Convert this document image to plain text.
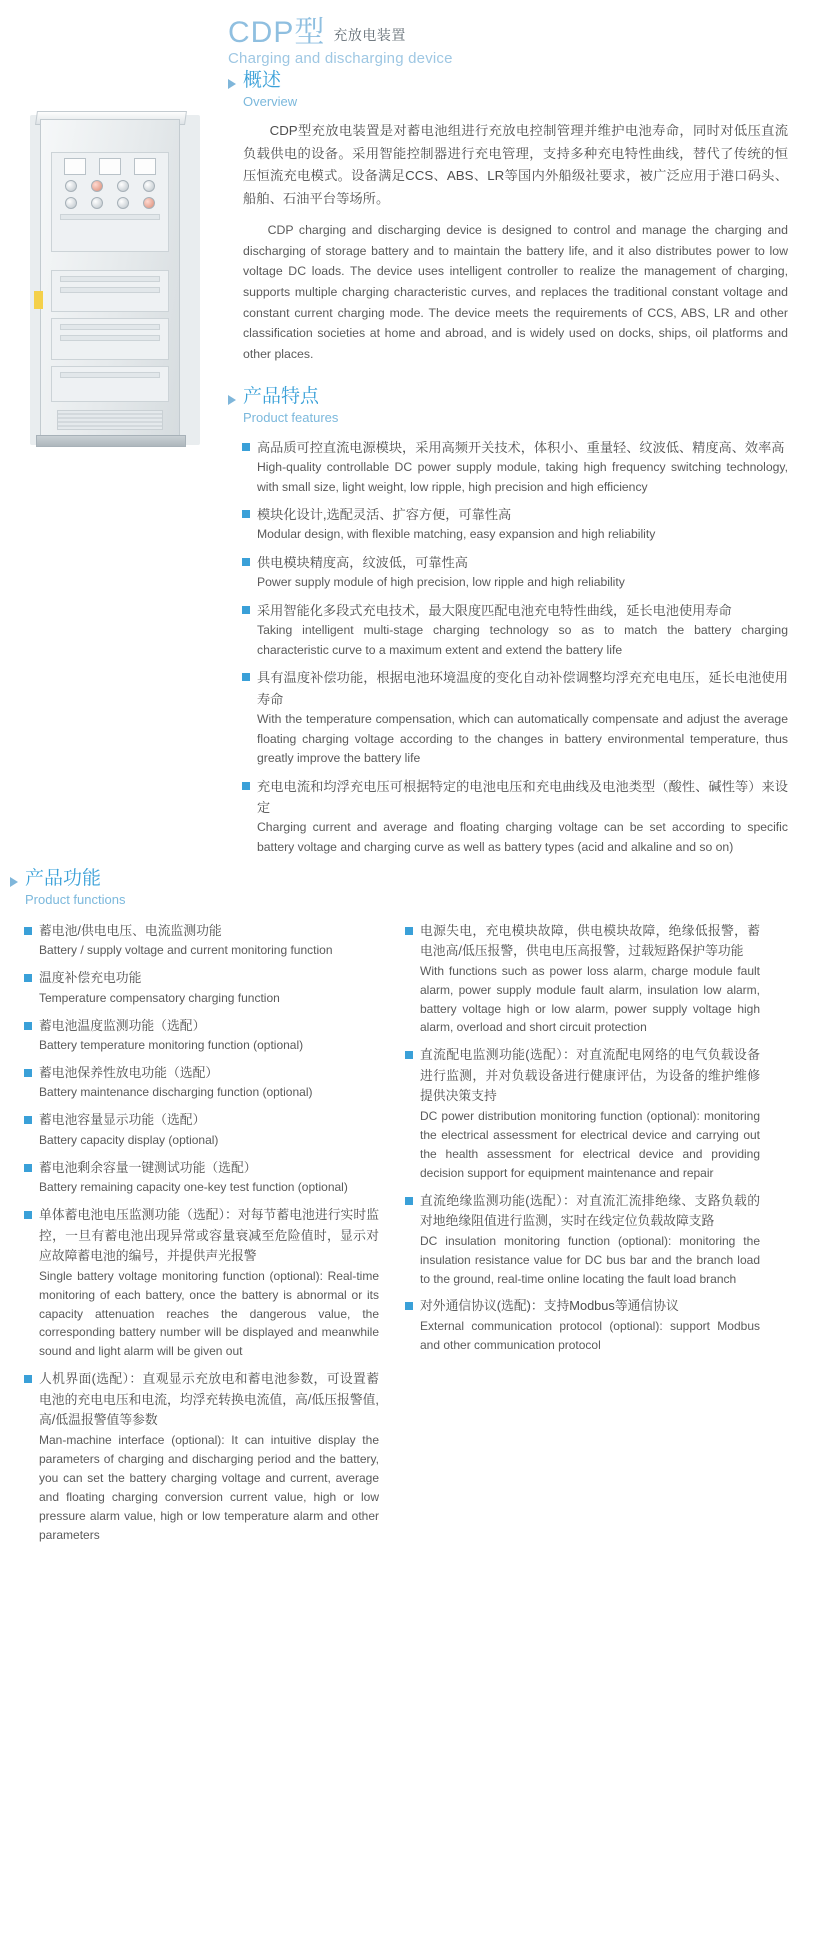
CDP型 充放电装置
Charging and discharging device
概述
Overview

CDP型充放电装置是对蓄电池组进行充放电控制管理并维护电池寿命，同时对低压直流负载供电的设备。采用智能控制器进行充电管理，支持多种充电特性曲线，替代了传统的恒压恒流充电模式。设备满足CCS、ABS、LR等国内外船级社要求，被广泛应用于港口码头、船舶、石油平台等场所。

CDP charging and discharging device is designed to control and manage the charging and discharging of storage battery and to maintain the battery life, and it also distributes power to low voltage DC loads. The device uses intelligent controller to realize the management of charging, supports multiple charging characteristic curves, and replaces the traditional constant voltage and constant current charging mode. The device meets the requirements of CCS, ABS, LR and other classification societies at home and abroad, and is widely used on docks, ships, oil platforms and other places.

产品特点
Product features
高品质可控直流电源模块，采用高频开关技术，体积小、重量轻、纹波低、精度高、效率高
High-quality controllable DC power supply module, taking high frequency switching technology, with small size, light weight, low ripple, high precision and high efficiency
模块化设计,选配灵活、扩容方便，可靠性高
Modular design, with flexible matching, easy expansion and high reliability
供电模块精度高，纹波低，可靠性高
Power supply module of high precision, low ripple and high reliability
采用智能化多段式充电技术，最大限度匹配电池充电特性曲线，延长电池使用寿命
Taking intelligent multi-stage charging technology so as to match the battery charging characteristic curve to a maximum extent and extend the battery life
具有温度补偿功能，根据电池环境温度的变化自动补偿调整均浮充充电电压，延长电池使用寿命
With the temperature compensation, which can automatically compensate and adjust the average floating charging voltage according to the changes in battery environmental temperature, thus greatly improve the battery life
充电电流和均浮充电压可根据特定的电池电压和充电曲线及电池类型（酸性、碱性等）来设定
Charging current and average and floating charging voltage can be set according to specific battery voltage and charging curve as well as battery types (acid and alkaline and so on)
产品功能
Product functions
蓄电池/供电电压、电流监测功能
Battery / supply voltage and current monitoring function
温度补偿充电功能
Temperature compensatory charging function
蓄电池温度监测功能（选配）
Battery temperature monitoring function (optional)
蓄电池保养性放电功能（选配）
Battery maintenance discharging function (optional)
蓄电池容量显示功能（选配）
Battery capacity display (optional)
蓄电池剩余容量一键测试功能（选配）
Battery remaining capacity one-key test function (optional)
单体蓄电池电压监测功能（选配）：对每节蓄电池进行实时监控，一旦有蓄电池出现异常或容量衰减至危险值时，显示对应故障蓄电池的编号，并提供声光报警
Single battery voltage monitoring function (optional): Real-time monitoring of each battery, once the battery is abnormal or its capacity attenuation reaches the dangerous value, the corresponding battery number will be displayed and meanwhile sound and light alarm will be given out
人机界面(选配）：直观显示充放电和蓄电池参数，可设置蓄电池的充电电压和电流，均浮充转换电流值，高/低压报警值, 高/低温报警值等参数
Man-machine interface (optional): It can intuitive display the parameters of charging and discharging period and the battery, you can set the battery charging voltage and current, average and floating charging conversion current value, high or low pressure alarm value, high or low temperature alarm and other parameters
电源失电，充电模块故障，供电模块故障，绝缘低报警，蓄电池高/低压报警，供电电压高报警，过载短路保护等功能
With functions such as power loss alarm, charge module fault alarm, power supply module fault alarm, insulation low alarm, battery voltage high or low alarm, power supply voltage high alarm, overload and short circuit protection
直流配电监测功能(选配）：对直流配电网络的电气负载设备进行监测，并对负载设备进行健康评估，为设备的维护维修提供决策支持
DC power distribution monitoring function (optional): monitoring the electrical assessment for electrical device and carrying out the health assessment for electrical device and providing decision support for equipment maintenance and repair
直流绝缘监测功能(选配）：对直流汇流排绝缘、支路负载的对地绝缘阻值进行监测，实时在线定位负载故障支路
DC insulation monitoring function (optional): monitoring the insulation resistance value for DC bus bar and the branch load to the ground, real-time online locating the fault load branch
对外通信协议(选配)：支持Modbus等通信协议
External communication protocol (optional): support Modbus and other communication protocol
